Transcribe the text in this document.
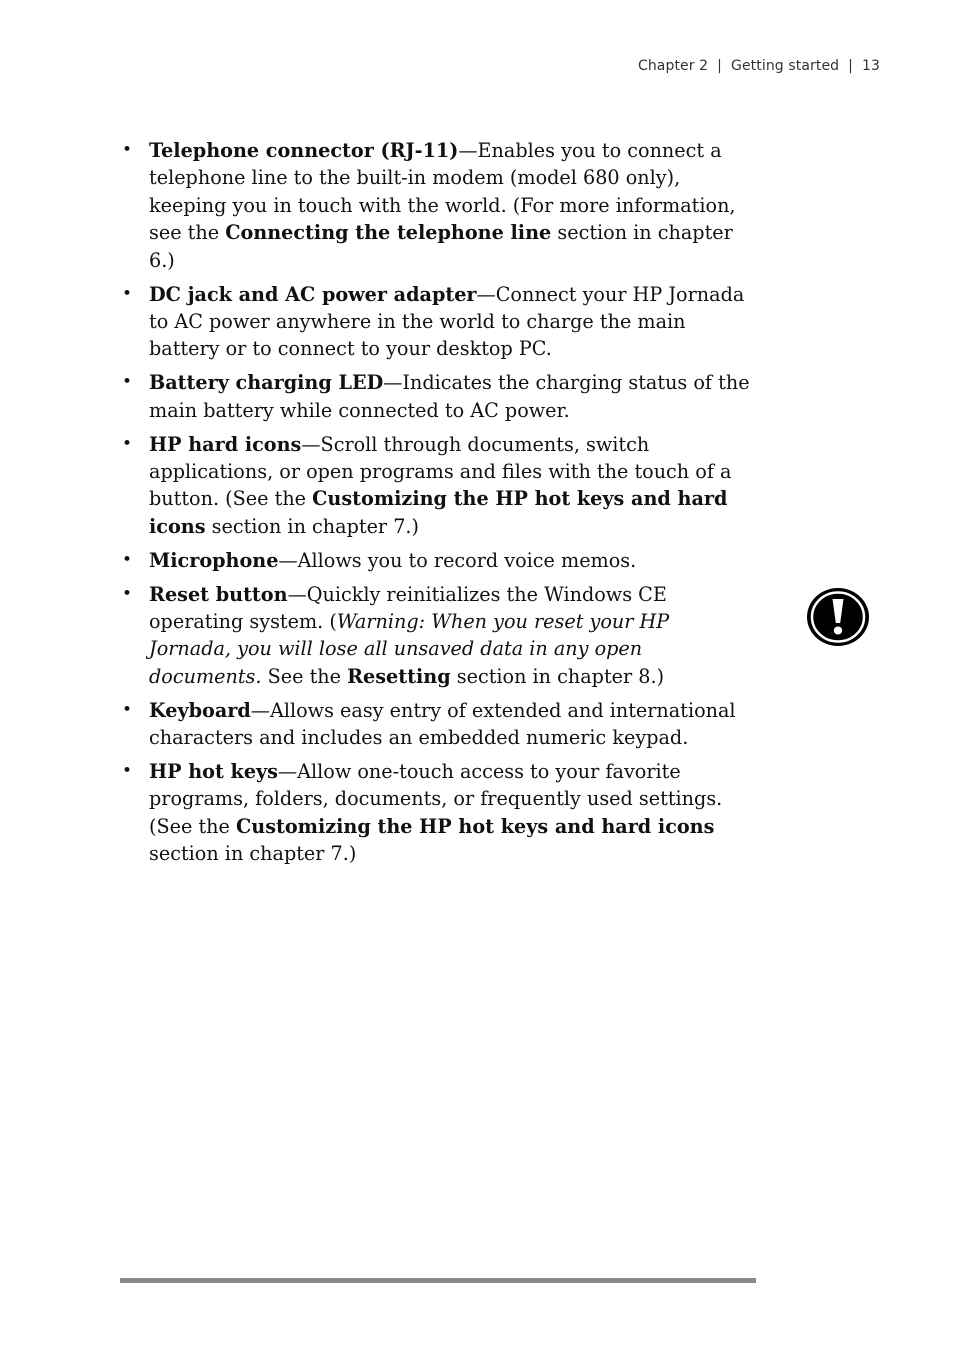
Chapter 2 | Getting started | 13
• Telephone connector (RJ-11)—Enables you to connect a telephone line to the built-in modem (model 680 only), keeping you in touch with the world. (For more information, see the Connecting the telephone line section in chapter 6.)
• DC jack and AC power adapter—Connect your HP Jornada to AC power anywhere in the world to charge the main battery or to connect to your desktop PC.
• Battery charging LED—Indicates the charging status of the main battery while connected to AC power.
• HP hard icons—Scroll through documents, switch applications, or open programs and files with the touch of a button. (See the Customizing the HP hot keys and hard icons section in chapter 7.)
• Microphone—Allows you to record voice memos.
• Reset button—Quickly reinitializes the Windows CE operating system. (Warning: When you reset your HP Jornada, you will lose all unsaved data in any open documents. See the Resetting section in chapter 8.)
• Keyboard—Allows easy entry of extended and international characters and includes an embedded numeric keypad.
• HP hot keys—Allow one-touch access to your favorite programs, folders, documents, or frequently used settings. (See the Customizing the HP hot keys and hard icons section in chapter 7.)
